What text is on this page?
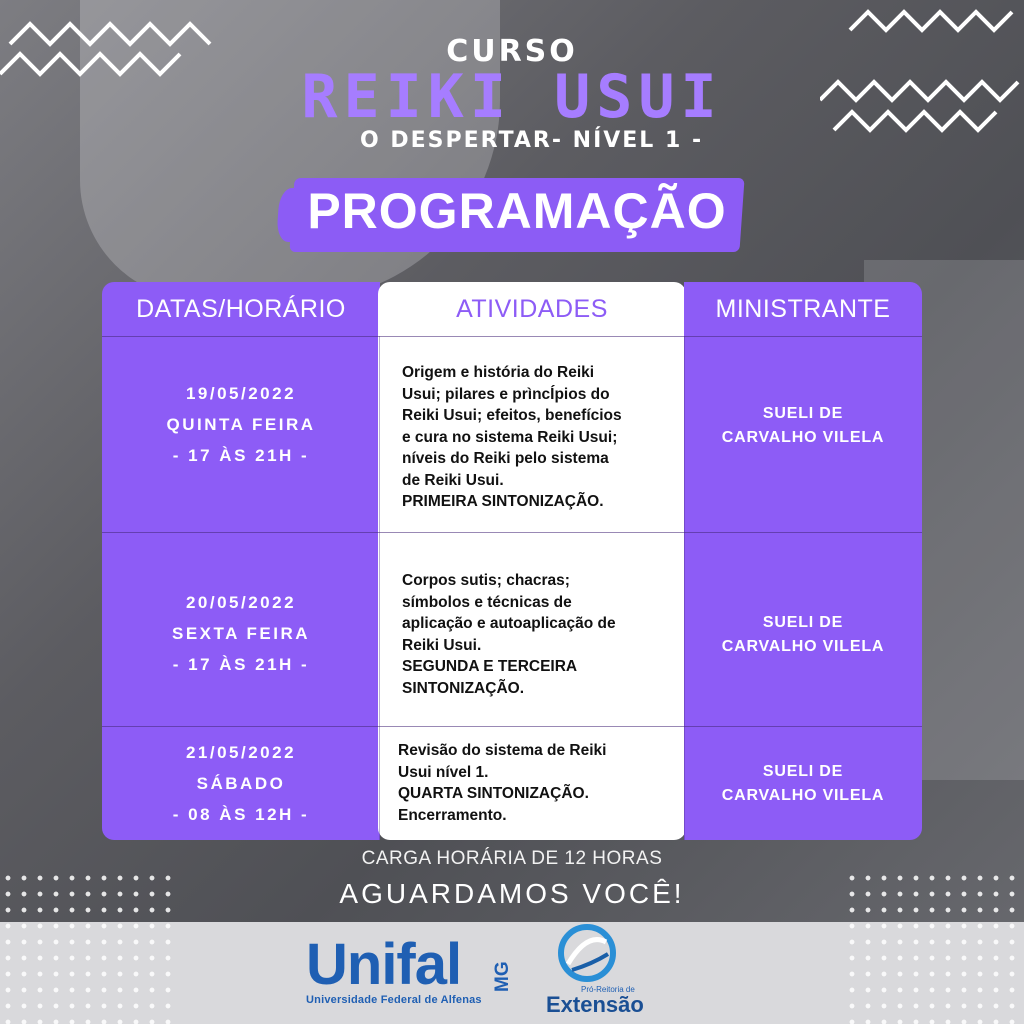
CURSO
REIKI USUI
O DESPERTAR- NÍVEL 1 -
PROGRAMAÇÃO
DATAS/HORÁRIO	ATIVIDADES	MINISTRANTE
19/05/2022
QUINTA FEIRA
- 17 ÀS 21H -
Origem e história do Reiki
Usui; pilares e prìncÍpios do
Reiki Usui; efeitos, benefícios
e cura no sistema Reiki Usui;
níveis do Reiki pelo sistema
de Reiki Usui.
PRIMEIRA SINTONIZAÇÃO.
SUELI DE
CARVALHO VILELA
20/05/2022
SEXTA FEIRA
- 17 ÀS 21H -
Corpos sutis; chacras;
símbolos e técnicas de
aplicação e autoaplicação de
Reiki Usui.
SEGUNDA E TERCEIRA
SINTONIZAÇÃO.
SUELI DE
CARVALHO VILELA
21/05/2022
SÁBADO
- 08 ÀS 12H -
Revisão do sistema de Reiki
Usui nível 1.
QUARTA SINTONIZAÇÃO.
Encerramento.
SUELI DE
CARVALHO VILELA
CARGA HORÁRIA DE 12 HORAS
AGUARDAMOS VOCÊ!
Unifal MG
Universidade Federal de Alfenas
Pró-Reitoria de
Extensão
